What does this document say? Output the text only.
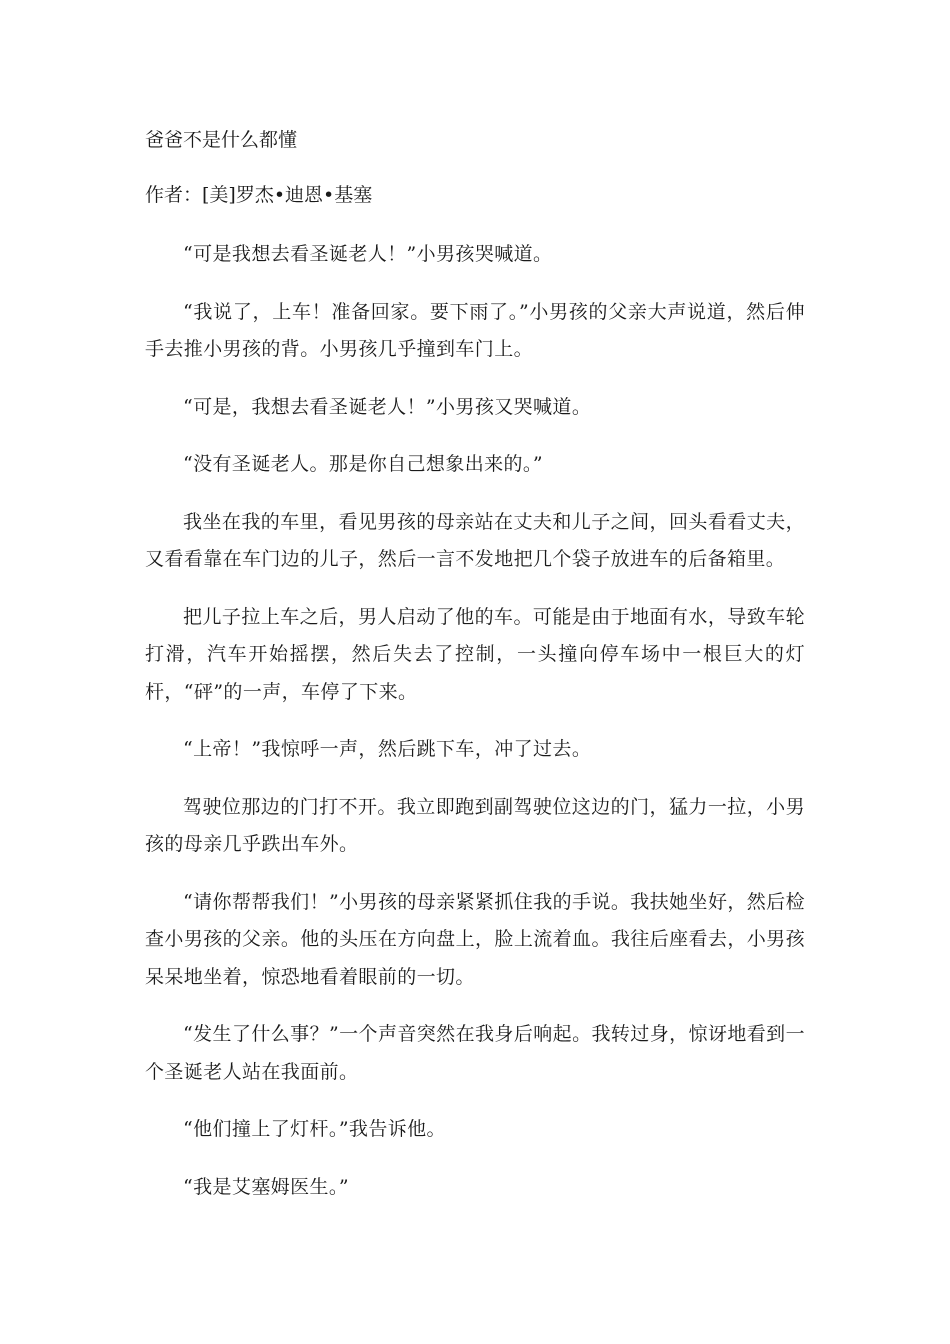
爸爸不是什么都懂
作者：[美]罗杰•迪恩•基塞

“可是我想去看圣诞老人！”小男孩哭喊道。

“我说了，上车！准备回家。要下雨了。”小男孩的父亲大声说道，然后伸手去推小男孩的背。小男孩几乎撞到车门上。

“可是，我想去看圣诞老人！”小男孩又哭喊道。

“没有圣诞老人。那是你自己想象出来的。”

我坐在我的车里，看见男孩的母亲站在丈夫和儿子之间，回头看看丈夫，又看看靠在车门边的儿子，然后一言不发地把几个袋子放进车的后备箱里。

把儿子拉上车之后，男人启动了他的车。可能是由于地面有水，导致车轮打滑，汽车开始摇摆，然后失去了控制，一头撞向停车场中一根巨大的灯杆，“砰”的一声，车停了下来。

“上帝！”我惊呼一声，然后跳下车，冲了过去。

驾驶位那边的门打不开。我立即跑到副驾驶位这边的门，猛力一拉，小男孩的母亲几乎跌出车外。

“请你帮帮我们！”小男孩的母亲紧紧抓住我的手说。我扶她坐好，然后检查小男孩的父亲。他的头压在方向盘上，脸上流着血。我往后座看去，小男孩呆呆地坐着，惊恐地看着眼前的一切。

“发生了什么事？”一个声音突然在我身后响起。我转过身，惊讶地看到一个圣诞老人站在我面前。

“他们撞上了灯杆。”我告诉他。

“我是艾塞姆医生。”
